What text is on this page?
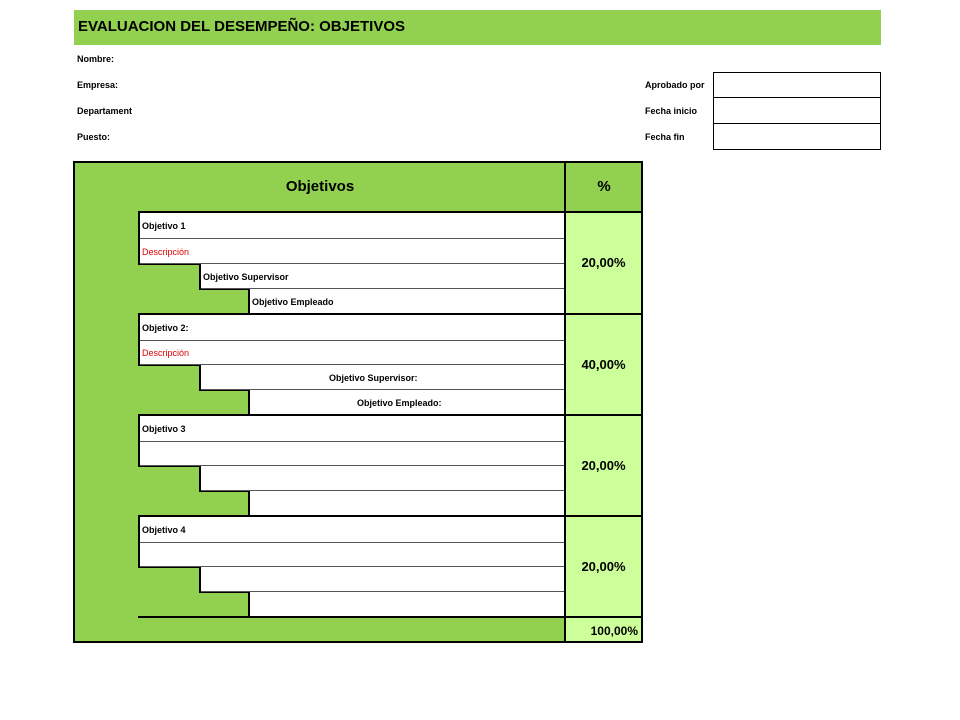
EVALUACION DEL DESEMPEÑO: OBJETIVOS
Nombre:
Empresa:
Departament
Puesto:
Aprobado por
Fecha inicio
Fecha fin
Objetivos	%
20,00%
40,00%
20,00%
20,00%
Objetivo 1
Descripción
Objetivo Supervisor
Objetivo Empleado
Objetivo 2:
Descripción
Objetivo Supervisor:
Objetivo Empleado:
Objetivo 3
Objetivo 4
100,00%
